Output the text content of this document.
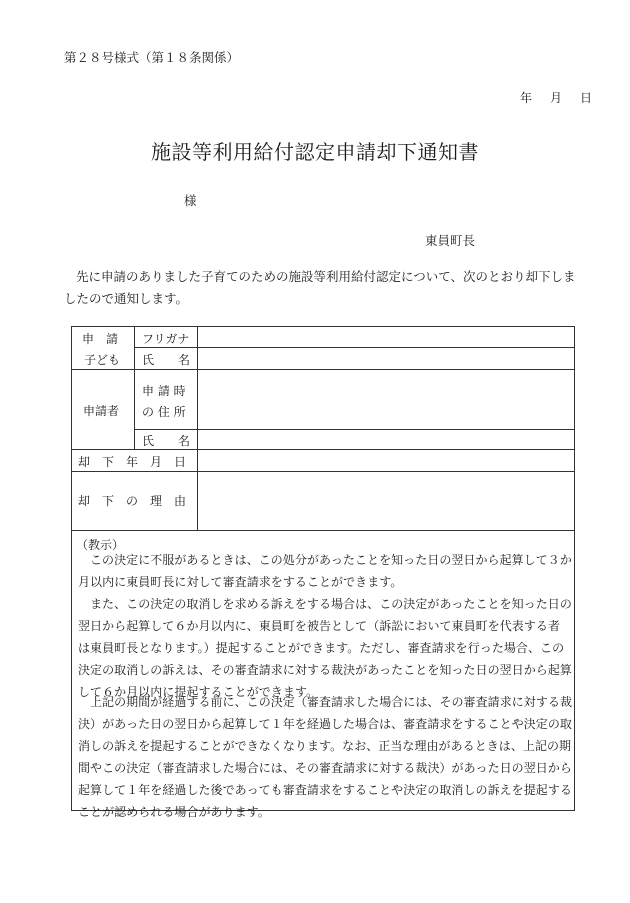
第２８号様式（第１８条関係）
年 月 日
施設等利用給付認定申請却下通知書
様
東員町長
先に申請のありました子育てのための施設等利用給付認定について、次のとおり却下しましたので通知します。
申　請
子ども
フリガナ
氏　　名
申請者
申 請 時
の 住 所
氏　　名
却　下　年　月　日
却　下　の　理　由
（教示）
この決定に不服があるときは、この処分があったことを知った日の翌日から起算して３か月以内に東員町長に対して審査請求をすることができます。
また、この決定の取消しを求める訴えをする場合は、この決定があったことを知った日の翌日から起算して６か月以内に、東員町を被告として（訴訟において東員町を代表する者は東員町長となります。）提起することができます。ただし、審査請求を行った場合、この決定の取消しの訴えは、その審査請求に対する裁決があったことを知った日の翌日から起算して６か月以内に提起することができます。
上記の期間が経過する前に、この決定（審査請求した場合には、その審査請求に対する裁決）があった日の翌日から起算して１年を経過した場合は、審査請求をすることや決定の取消しの訴えを提起することができなくなります。なお、正当な理由があるときは、上記の期間やこの決定（審査請求した場合には、その審査請求に対する裁決）があった日の翌日から起算して１年を経過した後であっても審査請求をすることや決定の取消しの訴えを提起することが認められる場合があります。
